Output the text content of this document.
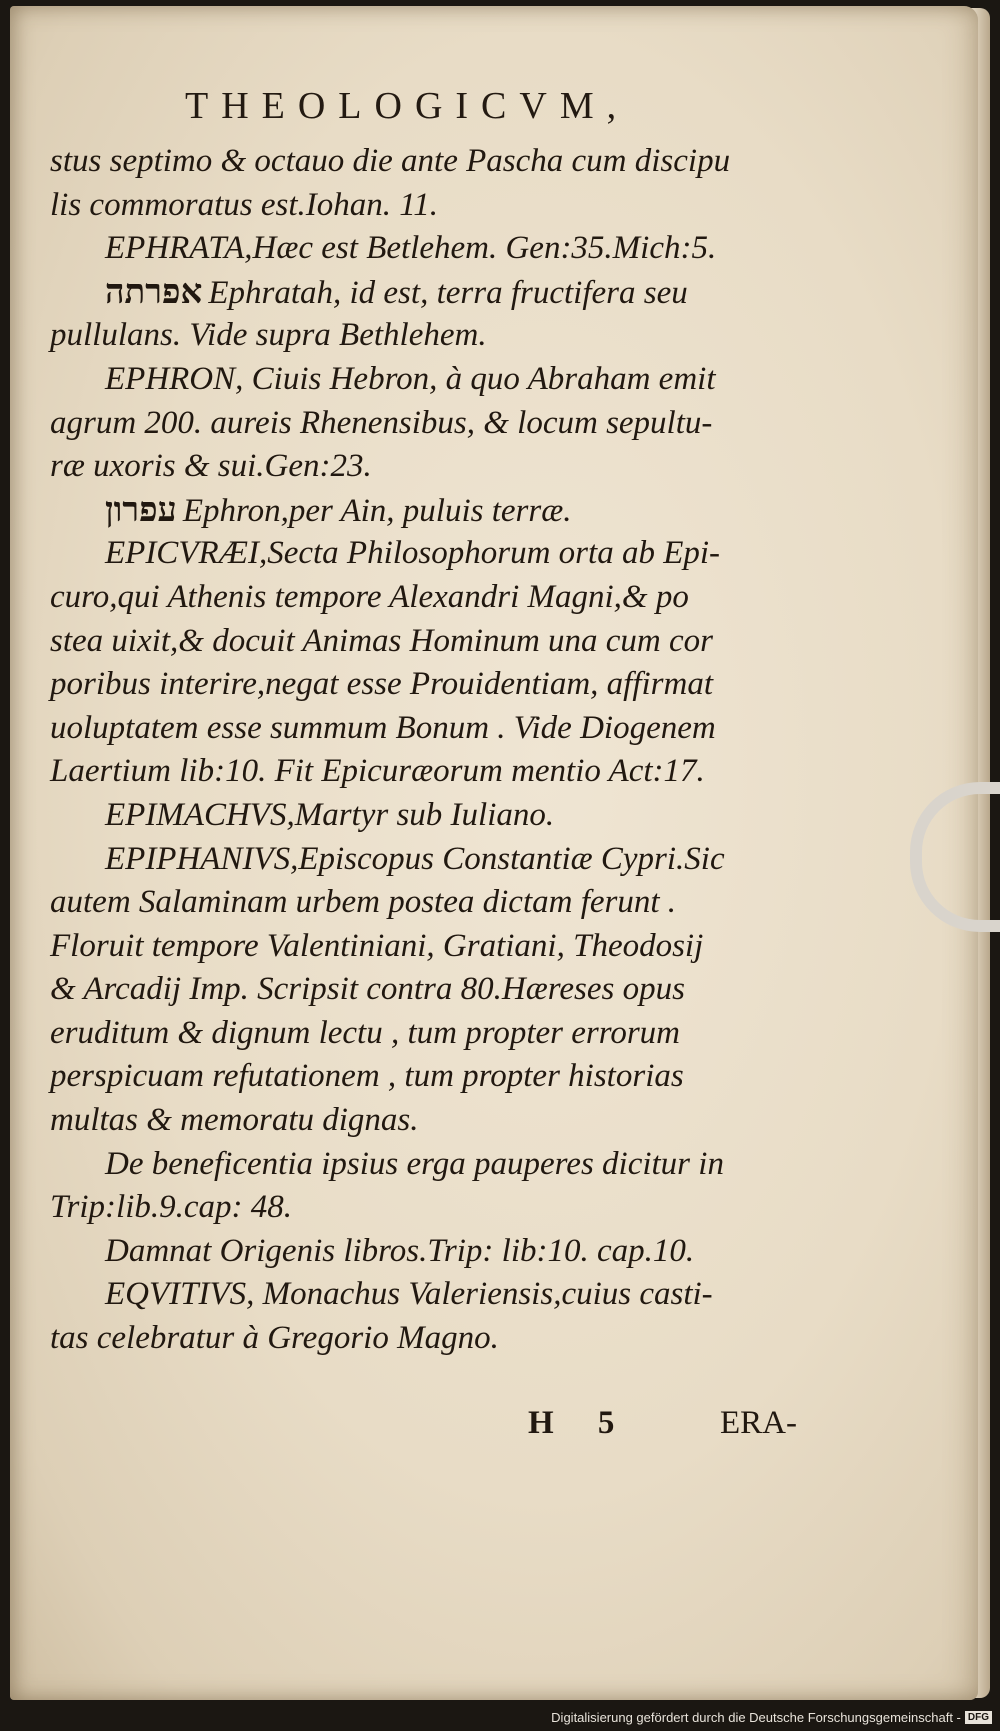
THEOLOGICVM,
stus septimo & octauo die ante Pascha cum discipu
lis commoratus est.Iohan. 11.
EPHRATA,Hæc est Betlehem. Gen:35.Mich:5.
אפרתה Ephratah, id est, terra fructifera seu
pullulans. Vide supra Bethlehem.
EPHRON, Ciuis Hebron, à quo Abraham emit
agrum 200. aureis Rhenensibus, & locum sepultu-
ræ uxoris & sui.Gen:23.
עפרון Ephron,per Ain, puluis terræ.
EPICVRÆI,Secta Philosophorum orta ab Epi-
curo,qui Athenis tempore Alexandri Magni,& po
stea uixit,& docuit Animas Hominum una cum cor
poribus interire,negat esse Prouidentiam, affirmat
uoluptatem esse summum Bonum . Vide Diogenem
Laertium lib:10. Fit Epicuræorum mentio Act:17.
EPIMACHVS,Martyr sub Iuliano.
EPIPHANIVS,Episcopus Constantiæ Cypri.Sic
autem Salaminam urbem postea dictam ferunt .
Floruit tempore Valentiniani, Gratiani, Theodosij
& Arcadij Imp. Scripsit contra 80.Hæreses opus
eruditum & dignum lectu , tum propter errorum
perspicuam refutationem , tum propter historias
multas & memoratu dignas.
De beneficentia ipsius erga pauperes dicitur in
Trip:lib.9.cap: 48.
Damnat Origenis libros.Trip: lib:10. cap.10.
EQVITIVS, Monachus Valeriensis,cuius casti-
tas celebratur à Gregorio Magno.
H 5	ERA-
Digitalisierung gefördert durch die Deutsche Forschungsgemeinschaft - DFG
